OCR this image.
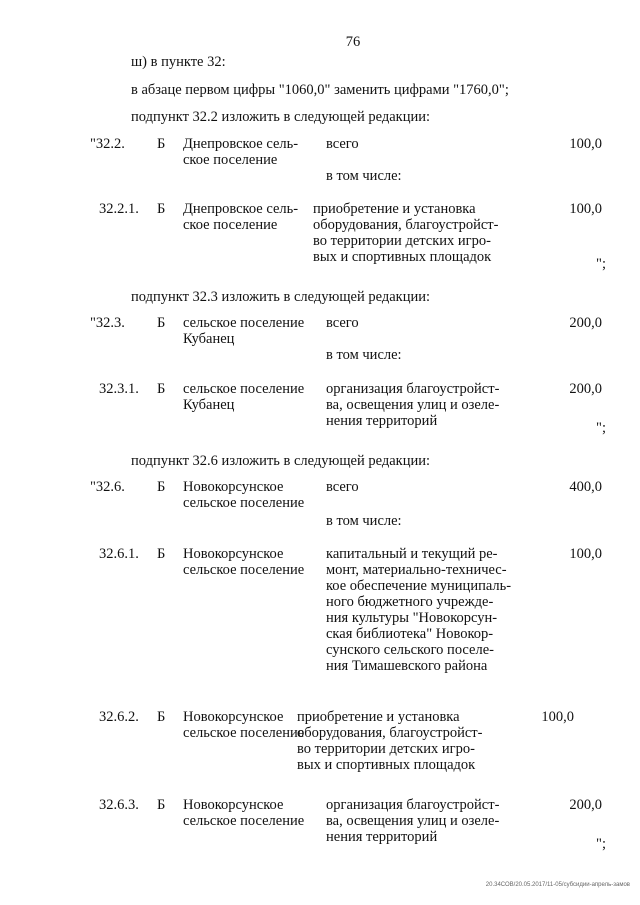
76
ш) в пункте 32:
в абзаце первом цифры "1060,0" заменить цифрами "1760,0";
подпункт 32.2 изложить в следующей редакции:
"32.2. Б Днепровское сель-
ское поселение
всего
в том числе:
100,0
32.2.1. Б Днепровское сель-
ское поселение
приобретение и установка
оборудования, благоустройст-
во территории детских игро-
вых и спортивных площадок
100,0
";
подпункт 32.3 изложить в следующей редакции:
"32.3. Б сельское поселение
Кубанец
всего
в том числе:
200,0
32.3.1. Б сельское поселение
Кубанец
организация благоустройст-
ва, освещения улиц и озеле-
нения территорий
200,0
";
подпункт 32.6 изложить в следующей редакции:
"32.6. Б Новокорсунское
сельское поселение
всего
в том числе:
400,0
32.6.1. Б Новокорсунское
сельское поселение
капитальный и текущий ре-
монт, материально-техничес-
кое обеспечение муниципаль-
ного бюджетного учрежде-
ния культуры "Новокорсун-
ская библиотека" Новокор-
сунского сельского поселе-
ния Тимашевского района
100,0
32.6.2. Б Новокорсунское
сельское поселение
приобретение и установка
оборудования, благоустройст-
во территории детских игро-
вых и спортивных площадок
100,0
32.6.3. Б Новокорсунское
сельское поселение
организация благоустройст-
ва, освещения улиц и озеле-
нения территорий
200,0
";
20.34СОВ/20.05.2017/11-05/субсидии-апрель-замов
